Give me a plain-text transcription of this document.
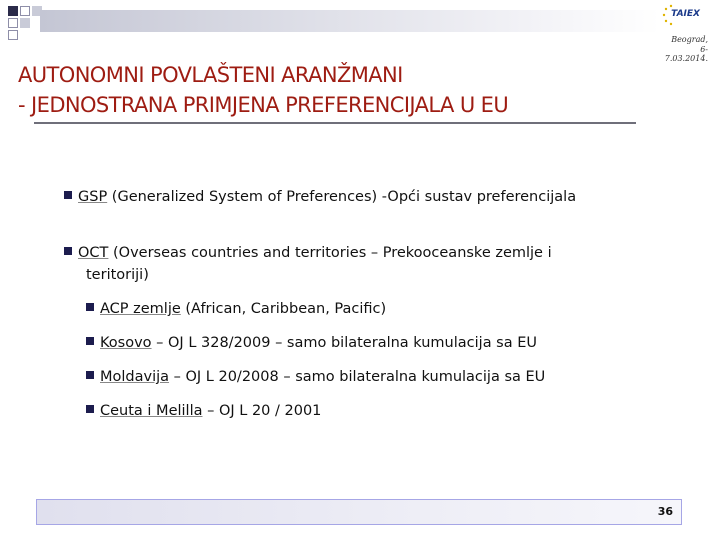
TAIEX
Beograd,
6-7.03.2014.
AUTONOMNI POVLAŠTENI ARANŽMANI
- JEDNOSTRANA PRIMJENA PREFERENCIJALA U EU
GSP (Generalized System of Preferences) -Opći sustav preferencijala
OCT (Overseas countries and territories – Prekooceanske zemlje i teritoriji)
ACP zemlje (African, Caribbean, Pacific)
Kosovo – OJ L 328/2009 – samo bilateralna kumulacija sa EU
Moldavija – OJ L 20/2008 – samo bilateralna kumulacija sa EU
Ceuta i Melilla – OJ L 20 / 2001
36
